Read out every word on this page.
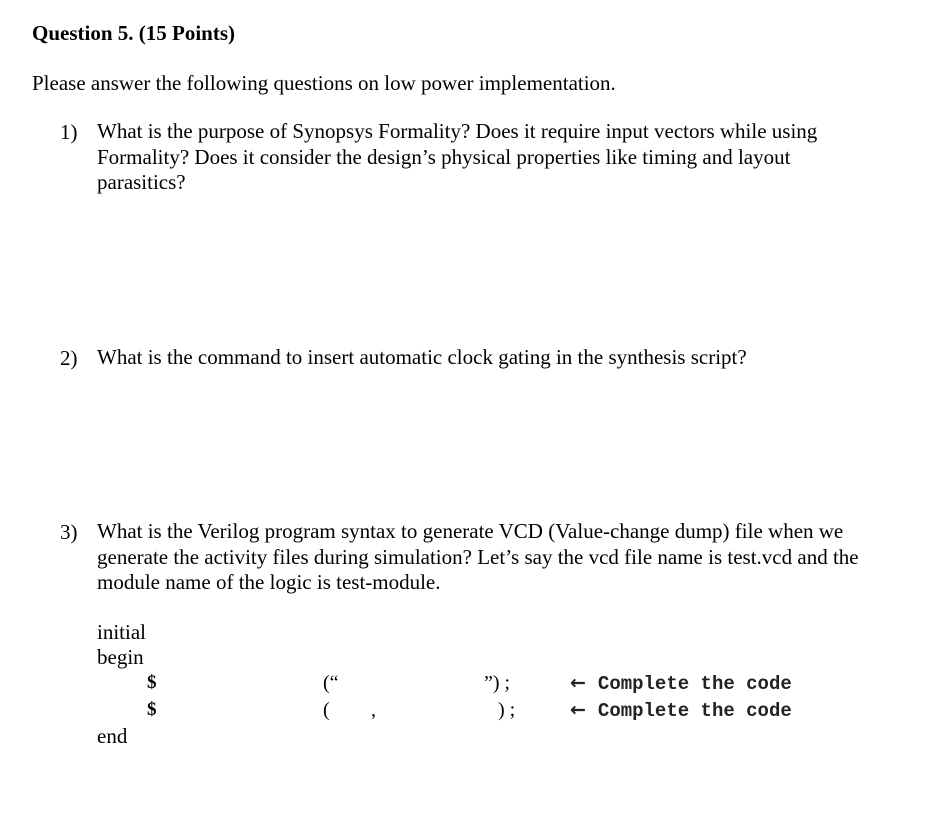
Question 5. (15 Points)
Please answer the following questions on low power implementation.
1) What is the purpose of Synopsys Formality? Does it require input vectors while using Formality? Does it consider the design’s physical properties like timing and layout parasitics?
2) What is the command to insert automatic clock gating in the synthesis script?
3) What is the Verilog program syntax to generate VCD (Value-change dump) file when we generate the activity files during simulation? Let’s say the vcd file name is test.vcd and the module name of the logic is test-module.
initial
begin
$	(“	”) ;	← Complete the code
$	( ,	) ;	← Complete the code
end
